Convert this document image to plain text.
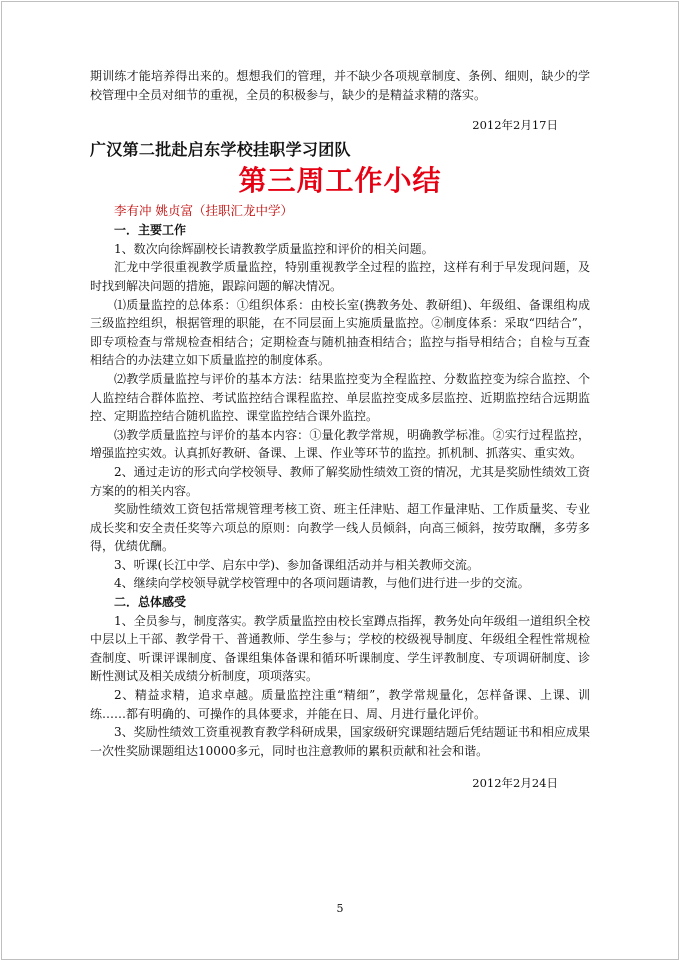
期训练才能培养得出来的。想想我们的管理，并不缺少各项规章制度、条例、细则，缺少的学校管理中全员对细节的重视，全员的积极参与，缺少的是精益求精的落实。

2012年2月17日

广汉第二批赴启东学校挂职学习团队
第三周工作小结
李有冲 姚贞富（挂职汇龙中学）

一．主要工作

1、数次向徐辉副校长请教教学质量监控和评价的相关问题。

汇龙中学很重视教学质量监控，特别重视教学全过程的监控，这样有利于早发现问题，及时找到解决问题的措施，跟踪问题的解决情况。

⑴质量监控的总体系：①组织体系：由校长室(携教务处、教研组)、年级组、备课组构成三级监控组织，根据管理的职能，在不同层面上实施质量监控。②制度体系：采取“四结合”，即专项检查与常规检查相结合；定期检查与随机抽查相结合；监控与指导相结合；自检与互查相结合的办法建立如下质量监控的制度体系。

⑵教学质量监控与评价的基本方法：结果监控变为全程监控、分数监控变为综合监控、个人监控结合群体监控、考试监控结合课程监控、单层监控变成多层监控、近期监控结合远期监控、定期监控结合随机监控、课堂监控结合课外监控。

⑶教学质量监控与评价的基本内容：①量化教学常规，明确教学标准。②实行过程监控，增强监控实效。认真抓好教研、备课、上课、作业等环节的监控。抓机制、抓落实、重实效。

2、通过走访的形式向学校领导、教师了解奖励性绩效工资的情况，尤其是奖励性绩效工资方案的的相关内容。

奖励性绩效工资包括常规管理考核工资、班主任津贴、超工作量津贴、工作质量奖、专业成长奖和安全责任奖等六项总的原则：向教学一线人员倾斜，向高三倾斜，按劳取酬，多劳多得，优绩优酬。

3、听课(长江中学、启东中学)、参加备课组活动并与相关教师交流。

4、继续向学校领导就学校管理中的各项问题请教，与他们进行进一步的交流。

二．总体感受

1、全员参与，制度落实。教学质量监控由校长室蹲点指挥，教务处向年级组一道组织全校中层以上干部、教学骨干、普通教师、学生参与；学校的校级视导制度、年级组全程性常规检查制度、听课评课制度、备课组集体备课和循环听课制度、学生评教制度、专项调研制度、诊断性测试及相关成绩分析制度，项项落实。

2、精益求精，追求卓越。质量监控注重“精细”，教学常规量化，怎样备课、上课、训练……都有明确的、可操作的具体要求，并能在日、周、月进行量化评价。

3、奖励性绩效工资重视教育教学科研成果，国家级研究课题结题后凭结题证书和相应成果一次性奖励课题组达10000多元，同时也注意教师的累积贡献和社会和谐。

2012年2月24日

5
